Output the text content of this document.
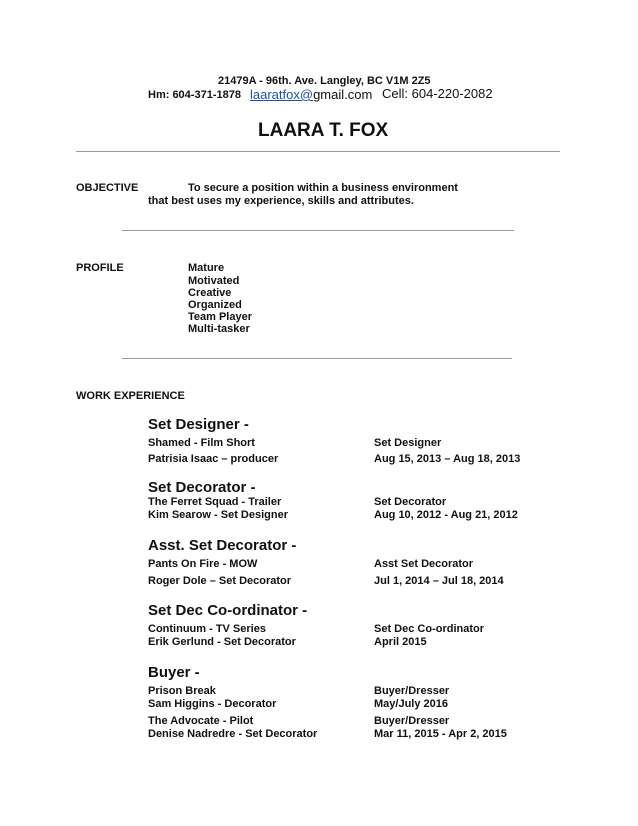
21479A - 96th. Ave. Langley, BC V1M 2Z5
Hm: 604-371-1878 laaratfox@gmail.com Cell: 604-220-2082
LAARA T. FOX
OBJECTIVE	To secure a position within a business environment
that best uses my experience, skills and attributes.
PROFILE	Mature
Motivated
Creative
Organized
Team Player
Multi-tasker
WORK EXPERIENCE
Set Designer -
Shamed - Film Short	Set Designer
Patrisia Isaac – producer	Aug 15, 2013 – Aug 18, 2013
Set Decorator -
The Ferret Squad - Trailer	Set Decorator
Kim Searow - Set Designer	Aug 10, 2012 - Aug 21, 2012
Asst. Set Decorator -
Pants On Fire - MOW	Asst Set Decorator
Roger Dole – Set Decorator	Jul 1, 2014 – Jul 18, 2014
Set Dec Co-ordinator -
Continuum - TV Series	Set Dec Co-ordinator
Erik Gerlund - Set Decorator	April 2015
Buyer -
Prison Break	Buyer/Dresser
Sam Higgins - Decorator	May/July 2016
The Advocate - Pilot	Buyer/Dresser
Denise Nadredre - Set Decorator	Mar 11, 2015 - Apr 2, 2015
